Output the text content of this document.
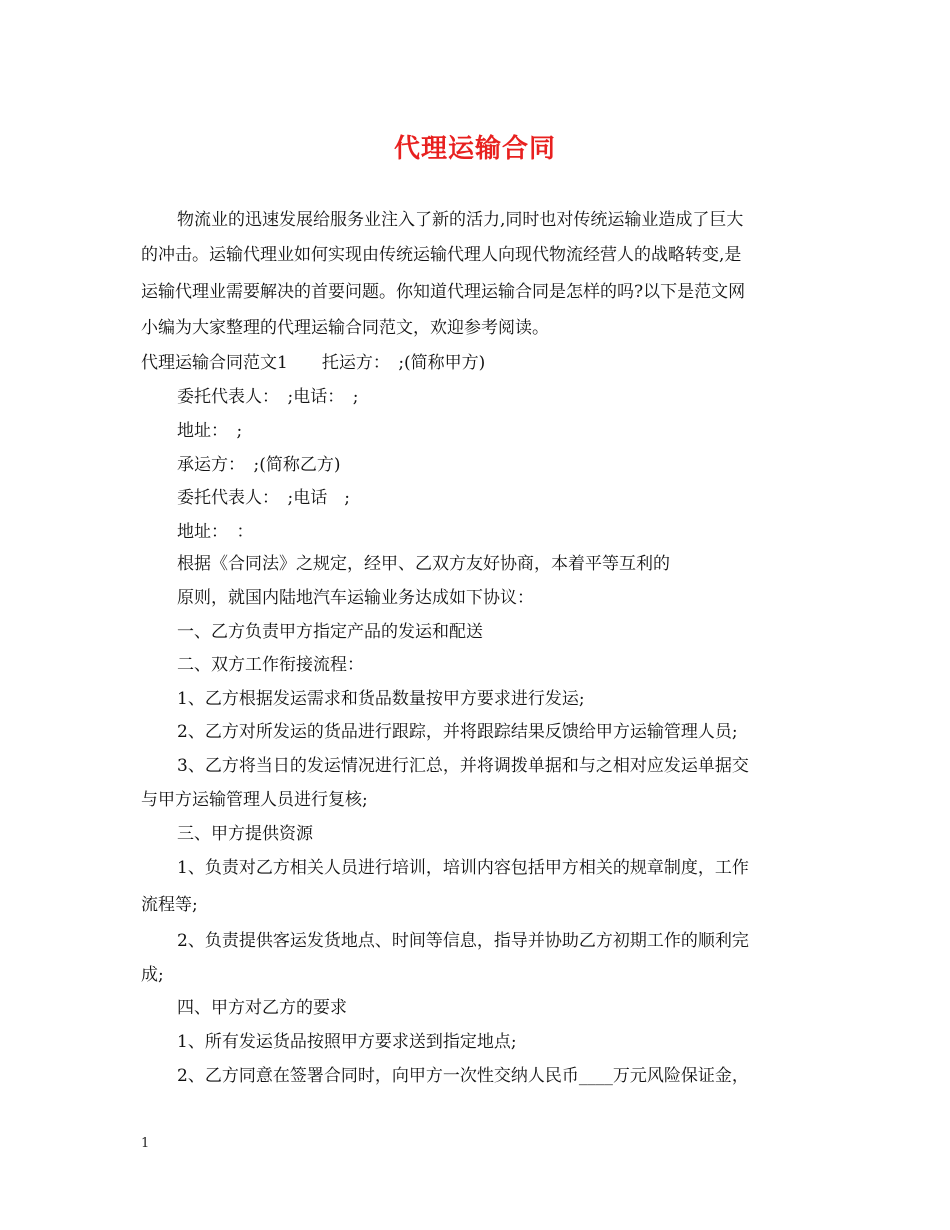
代理运输合同
物流业的迅速发展给服务业注入了新的活力,同时也对传统运输业造成了巨大
的冲击。运输代理业如何实现由传统运输代理人向现代物流经营人的战略转变,是
运输代理业需要解决的首要问题。你知道代理运输合同是怎样的吗?以下是范文网
小编为大家整理的代理运输合同范文，欢迎参考阅读。
代理运输合同范文1　　托运方：　;(简称甲方)
委托代表人：　;电话：　;
地址：　;
承运方：　;(简称乙方)
委托代表人：　;电话　;
地址：　：
根据《合同法》之规定，经甲、乙双方友好协商，本着平等互利的
原则，就国内陆地汽车运输业务达成如下协议：
一、乙方负责甲方指定产品的发运和配送
二、双方工作衔接流程：
1、乙方根据发运需求和货品数量按甲方要求进行发运;
2、乙方对所发运的货品进行跟踪，并将跟踪结果反馈给甲方运输管理人员;
3、乙方将当日的发运情况进行汇总，并将调拨单据和与之相对应发运单据交
与甲方运输管理人员进行复核;
三、甲方提供资源
1、负责对乙方相关人员进行培训，培训内容包括甲方相关的规章制度，工作
流程等;
2、负责提供客运发货地点、时间等信息，指导并协助乙方初期工作的顺利完
成;
四、甲方对乙方的要求
1、所有发运货品按照甲方要求送到指定地点;
2、乙方同意在签署合同时，向甲方一次性交纳人民币____万元风险保证金，
1
